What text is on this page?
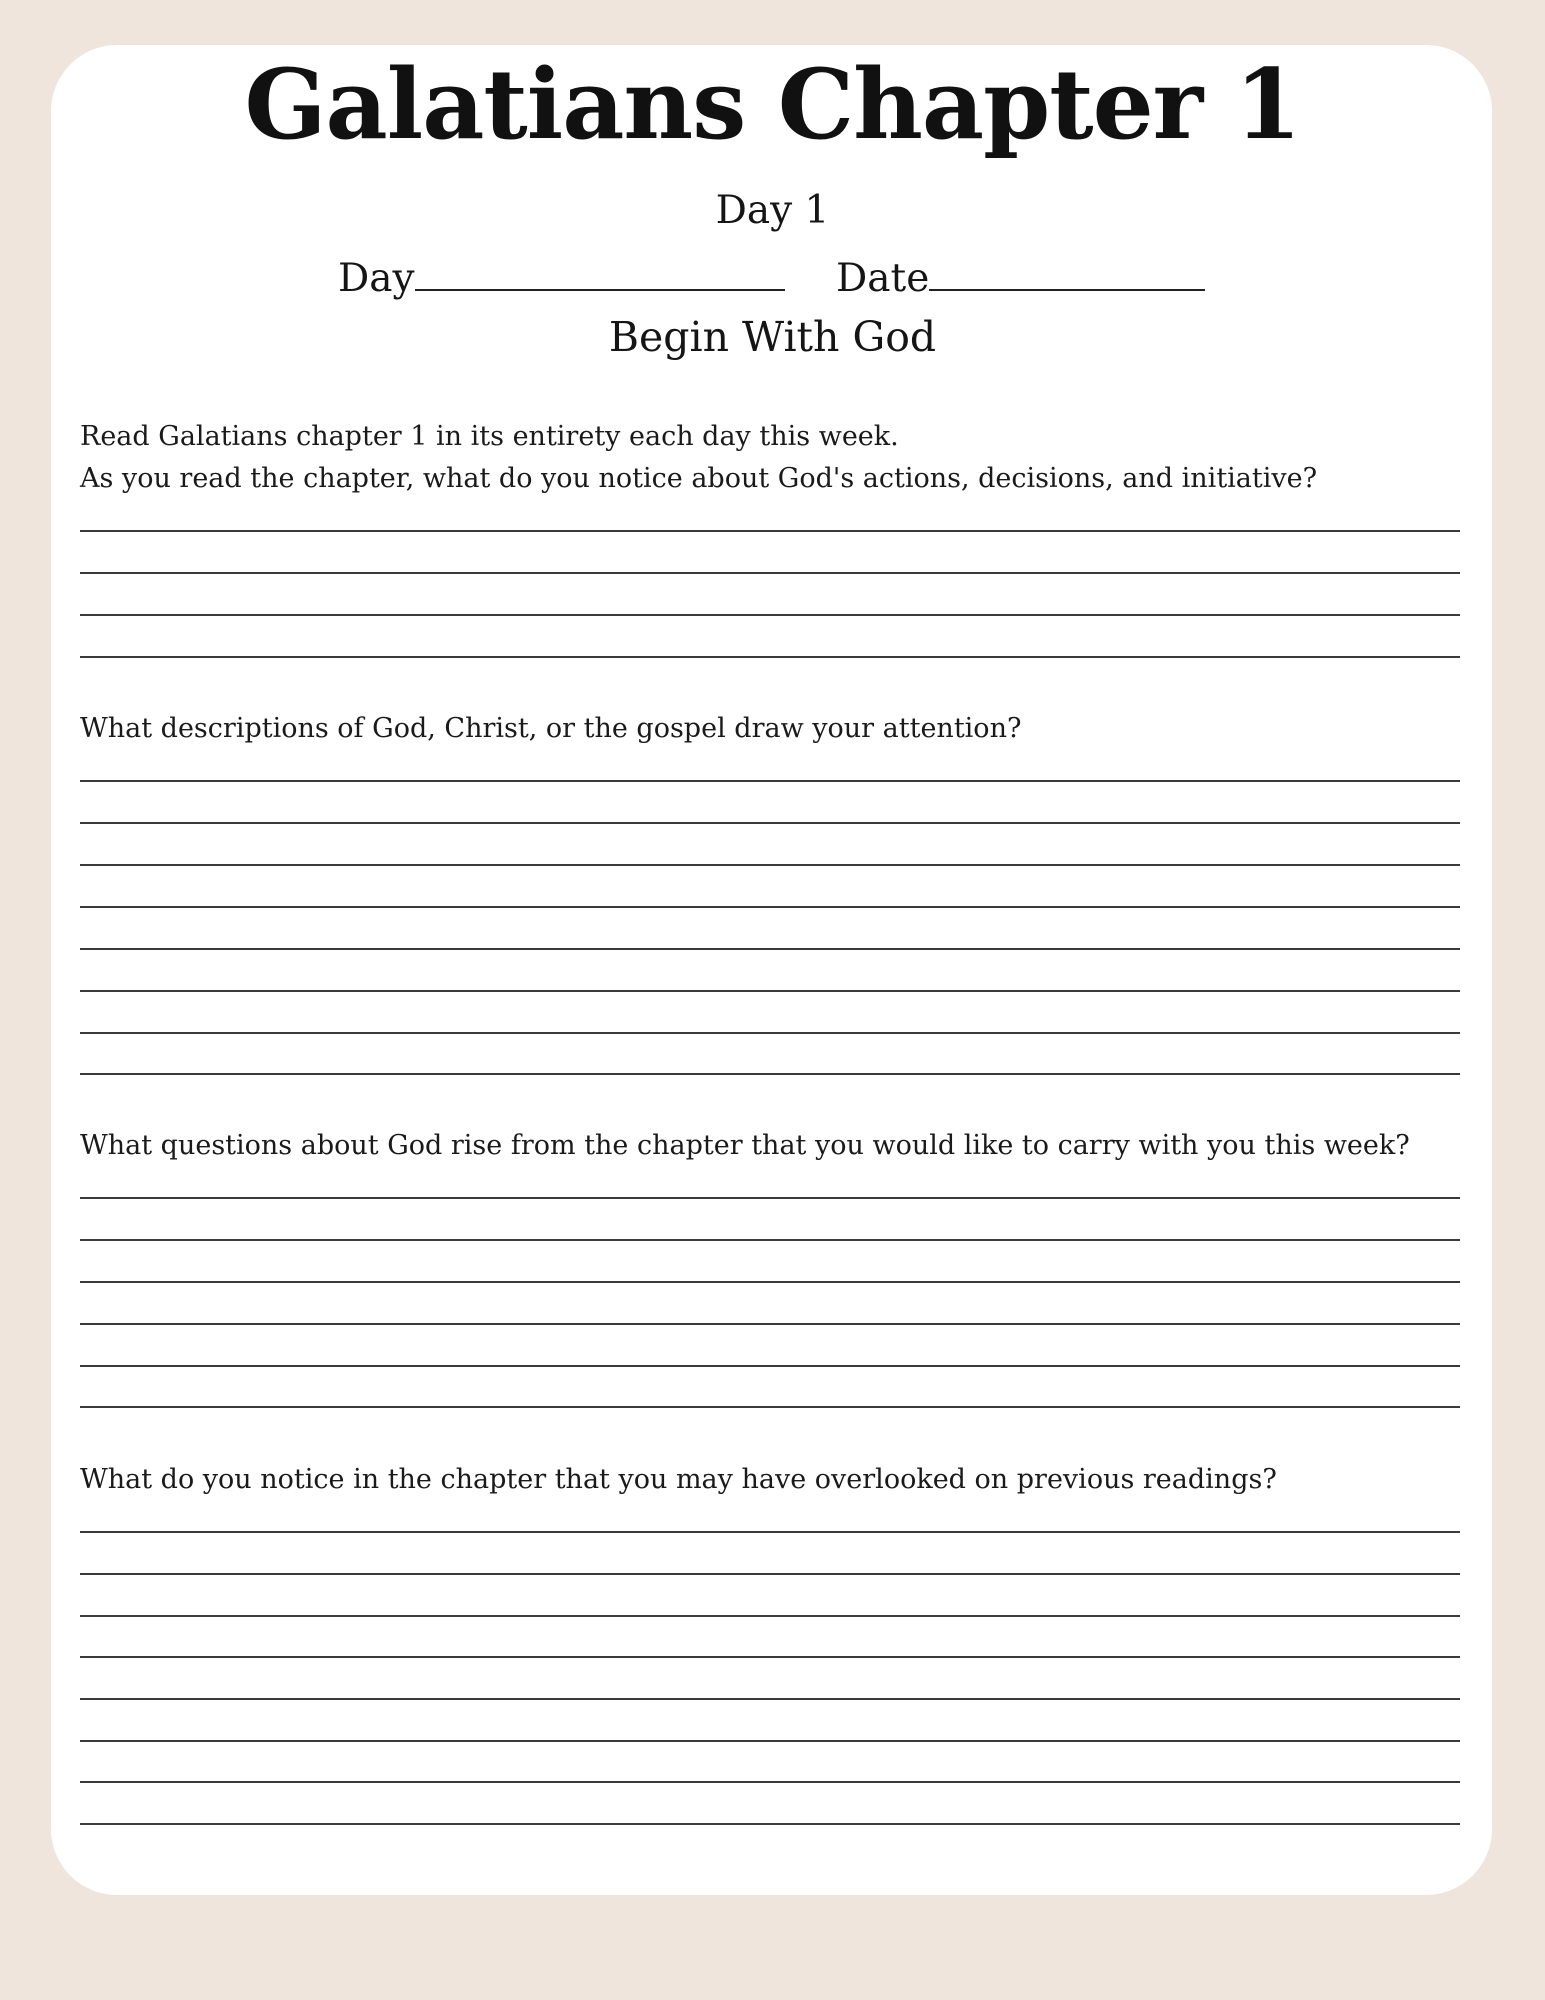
Galatians Chapter 1
Day 1
Day	Date
Begin With God

Read Galatians chapter 1 in its entirety each day this week.

As you read the chapter, what do you notice about God's actions, decisions, and initiative?

What descriptions of God, Christ, or the gospel draw your attention?

What questions about God rise from the chapter that you would like to carry with you this week?

What do you notice in the chapter that you may have overlooked on previous readings?
